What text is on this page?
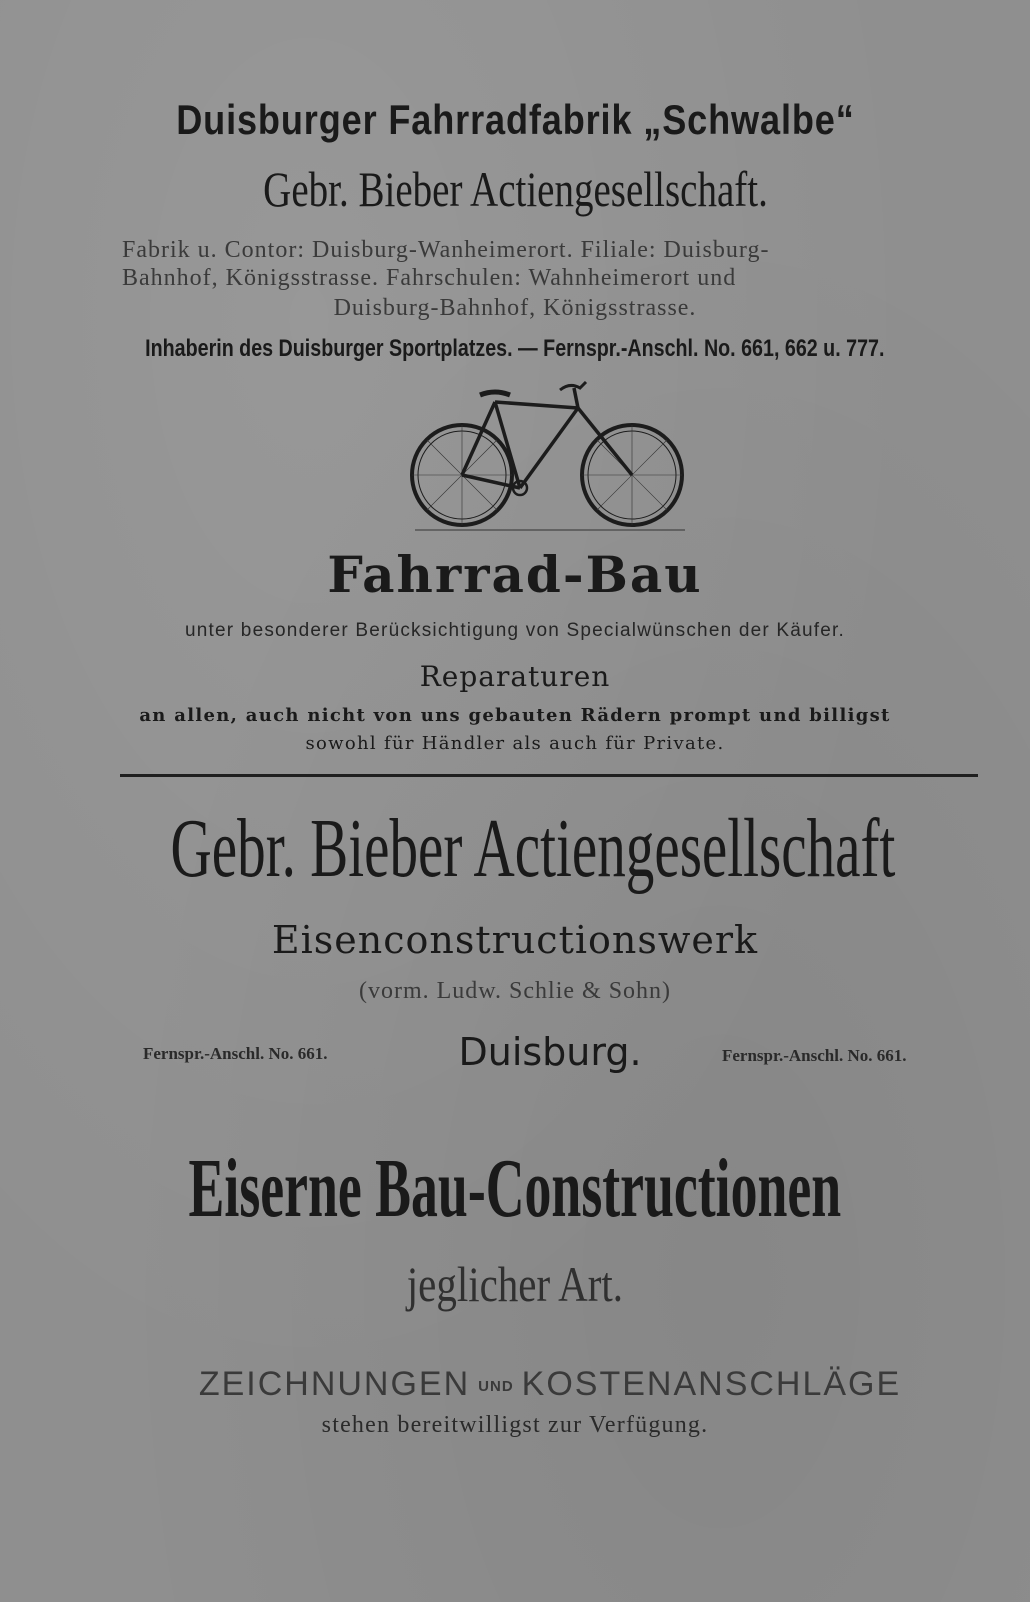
Duisburger Fahrradfabrik „Schwalbe“
Gebr. Bieber Actiengesellschaft.
Fabrik u. Contor: Duisburg-Wanheimerort. Filiale: Duisburg-
Bahnhof, Königsstrasse. Fahrschulen: Wahnheimerort und
Duisburg-Bahnhof, Königsstrasse.
Inhaberin des Duisburger Sportplatzes. — Fernspr.-Anschl. No. 661, 662 u. 777.
Fahrrad-Bau
unter besonderer Berücksichtigung von Specialwünschen der Käufer.
Reparaturen
an allen, auch nicht von uns gebauten Rädern prompt und billigst
sowohl für Händler als auch für Private.
Gebr. Bieber Actiengesellschaft
Eisenconstructionswerk
(vorm. Ludw. Schlie & Sohn)
Fernspr.-Anschl. No. 661.	Duisburg.	Fernspr.-Anschl. No. 661.
Eiserne Bau-Constructionen
jeglicher Art.
ZEICHNUNGEN UND KOSTENANSCHLÄGE
stehen bereitwilligst zur Verfügung.
